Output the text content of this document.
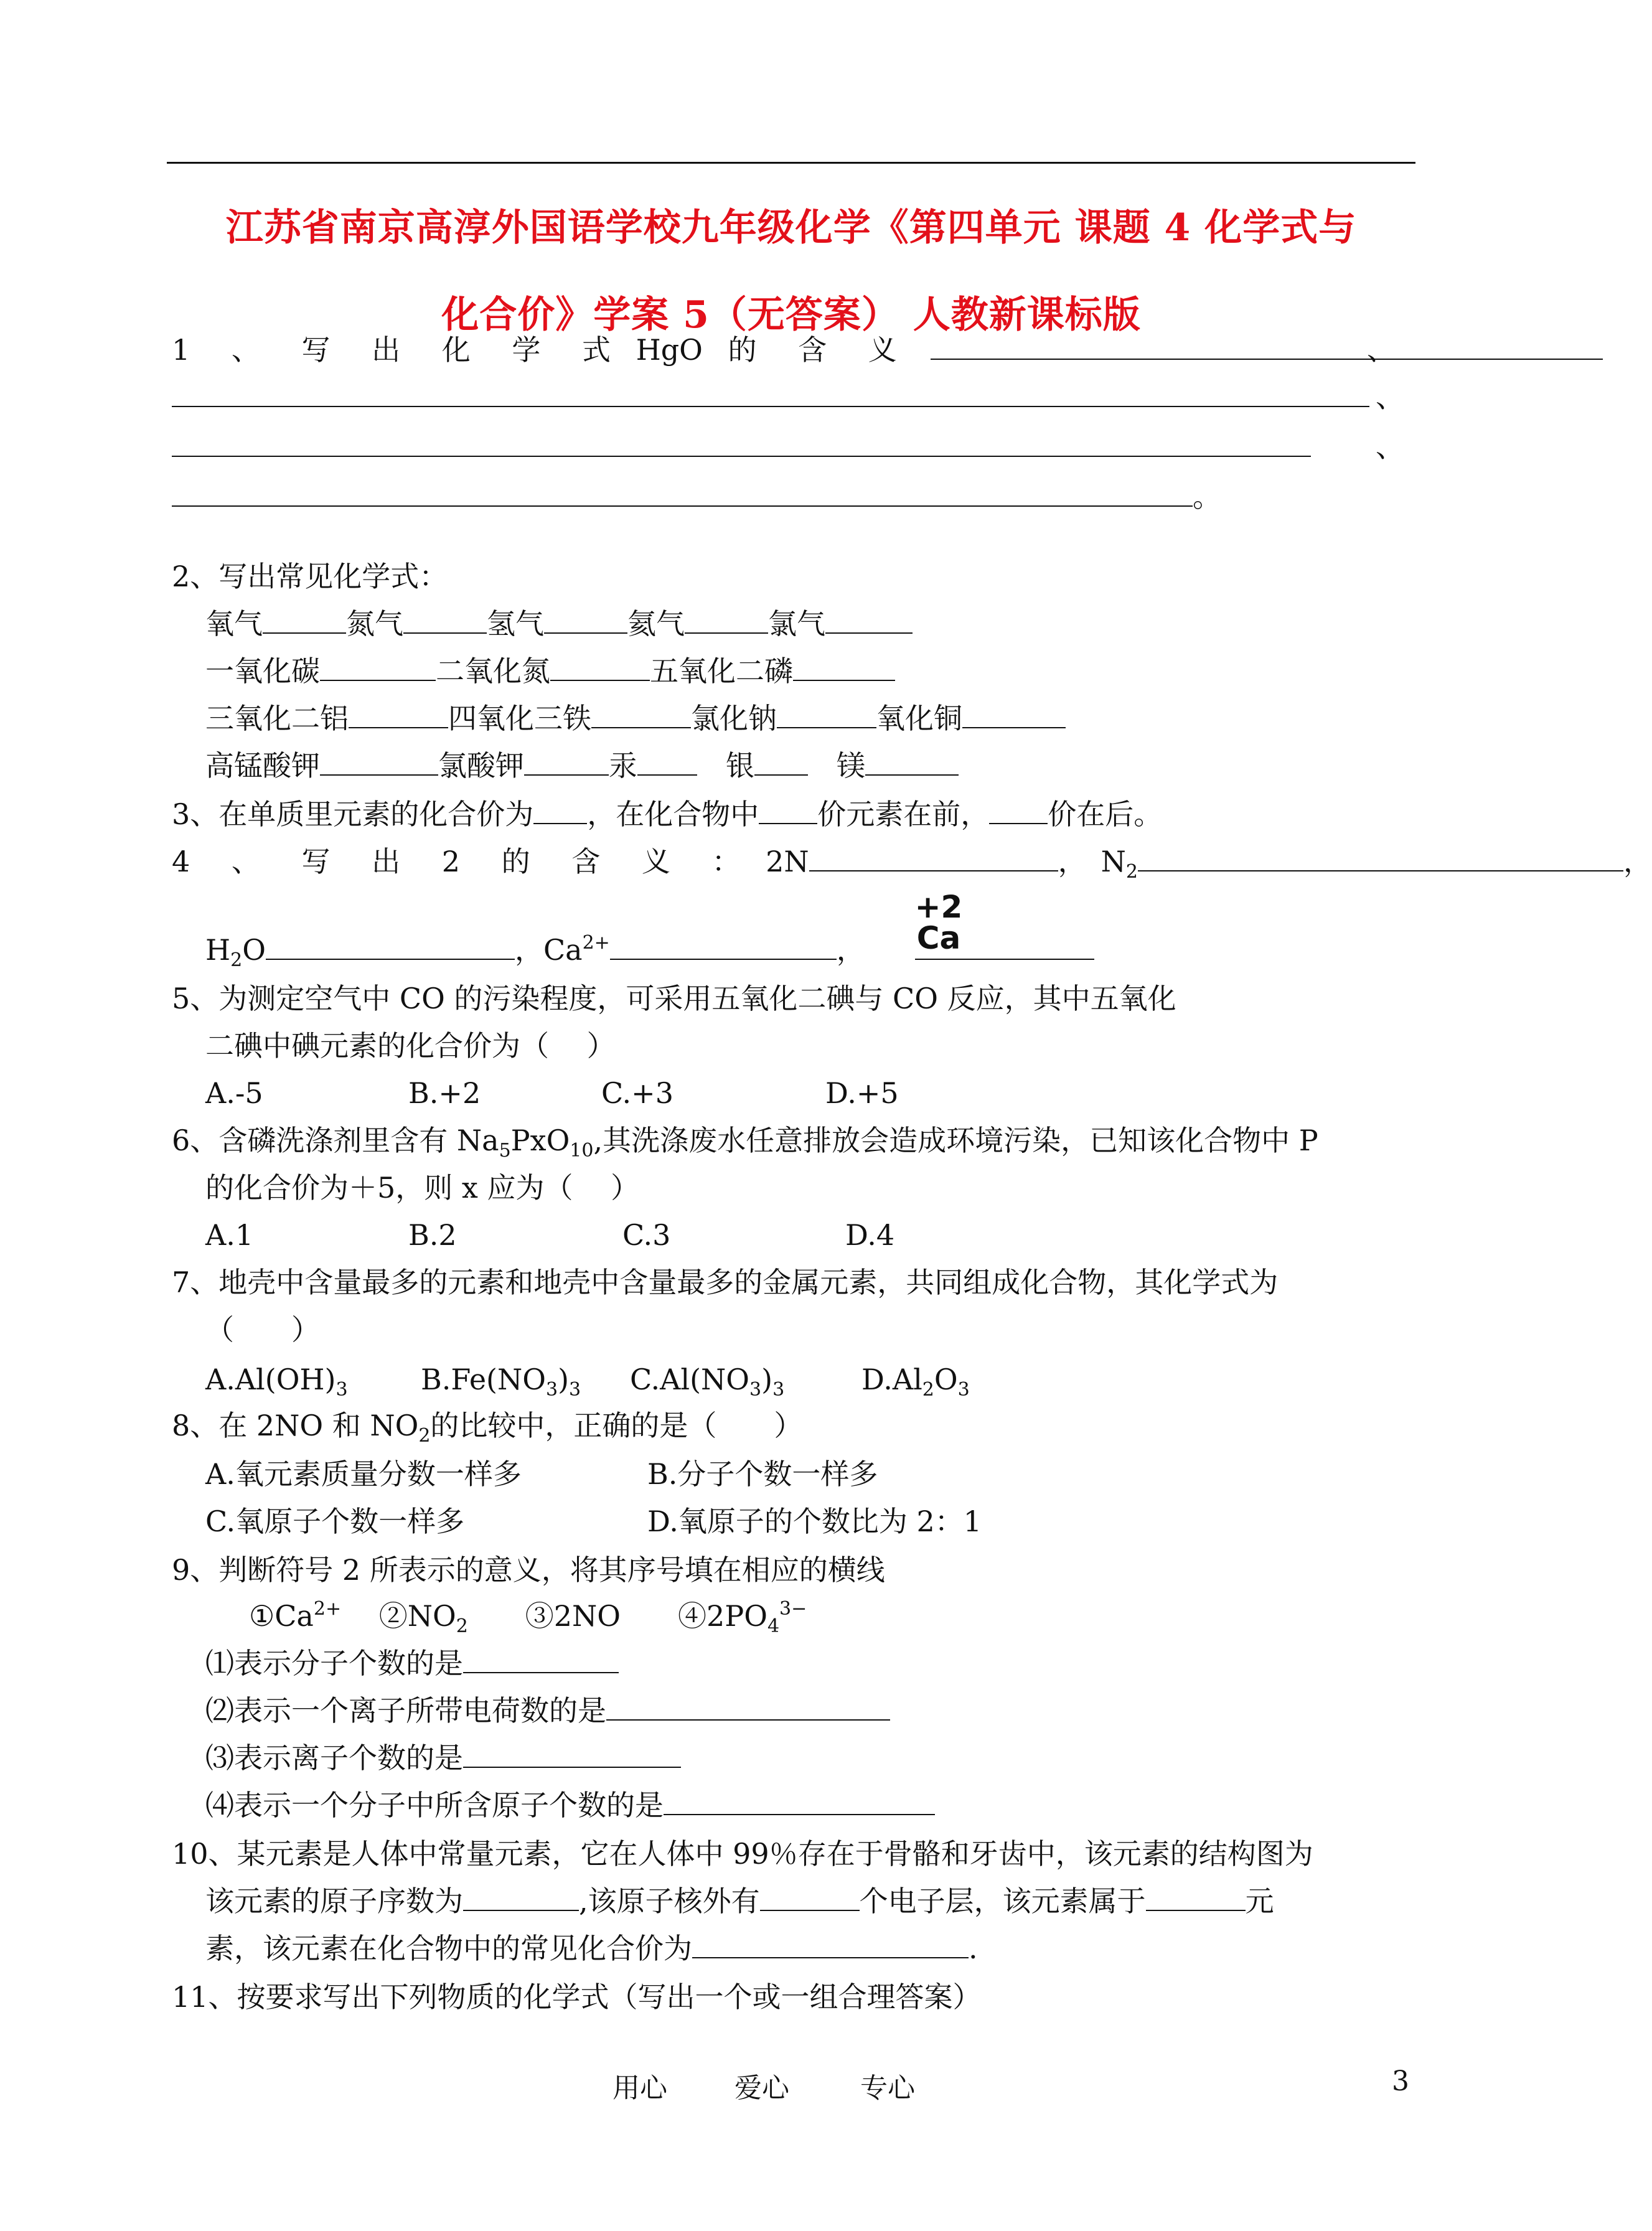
江苏省南京高淳外国语学校九年级化学《第四单元 课题 4 化学式与
化合价》学案 5（无答案） 人教新课标版
1 、 写 出 化 学 式 HgO 的 含 义	、
、
、
。
2、写出常见化学式：
氧气	氮气	氢气	氦气	氯气
一氧化碳	二氧化氮	五氧化二磷
三氧化二铝	四氧化三铁	氯化钠	氧化铜
高锰酸钾	氯酸钾	汞　	银　	镁
3、在单质里元素的化合价为 ，在化合物中 价元素在前， 价在后。
4 、 写 出 2 的 含 义 ： 2N	，　 $N_2$	，
+2
Ca
$H_2O$	，$Ca^{2+}$	，
5、为测定空气中 CO 的污染程度，可采用五氧化二碘与 CO 反应，其中五氧化
二碘中碘元素的化合价为（　 ）
A.-5	B.+2	C.+3	D.+5
6、含磷洗涤剂里含有 $Na_5PxO_{10}$,其洗涤废水任意排放会造成环境污染，已知该化合物中 P
的化合价为＋5，则 x 应为（　 ）
A.1	B.2	C.3	D.4
7、地壳中含量最多的元素和地壳中含量最多的金属元素，共同组成化合物，其化学式为
（　　）
$A.Al(OH)_3$	$B.Fe(NO_3)_3$ $C.Al(NO_3)_3$	$D.Al_2O_3$
8、在 2NO 和 $NO_2$的比较中，正确的是（　　）
A.氧元素质量分数一样多	B.分子个数一样多
C.氧原子个数一样多	D.氧原子的个数比为 2：1
9、判断符号 2 所表示的意义，将其序号填在相应的横线
$①Ca^{2+}$　 $②NO_2$　　 ③2NO　　 $④2PO_4^{3-}$
⑴表示分子个数的是
⑵表示一个离子所带电荷数的是
⑶表示离子个数的是
⑷表示一个分子中所含原子个数的是
10、某元素是人体中常量元素，它在人体中 99％存在于骨骼和牙齿中，该元素的结构图为
该元素的原子序数为	,该原子核外有	个电子层，该元素属于	元
素，该元素在化合物中的常见化合价为	.
11、按要求写出下列物质的化学式（写出一个或一组合理答案）
用心 爱心	专心	3
